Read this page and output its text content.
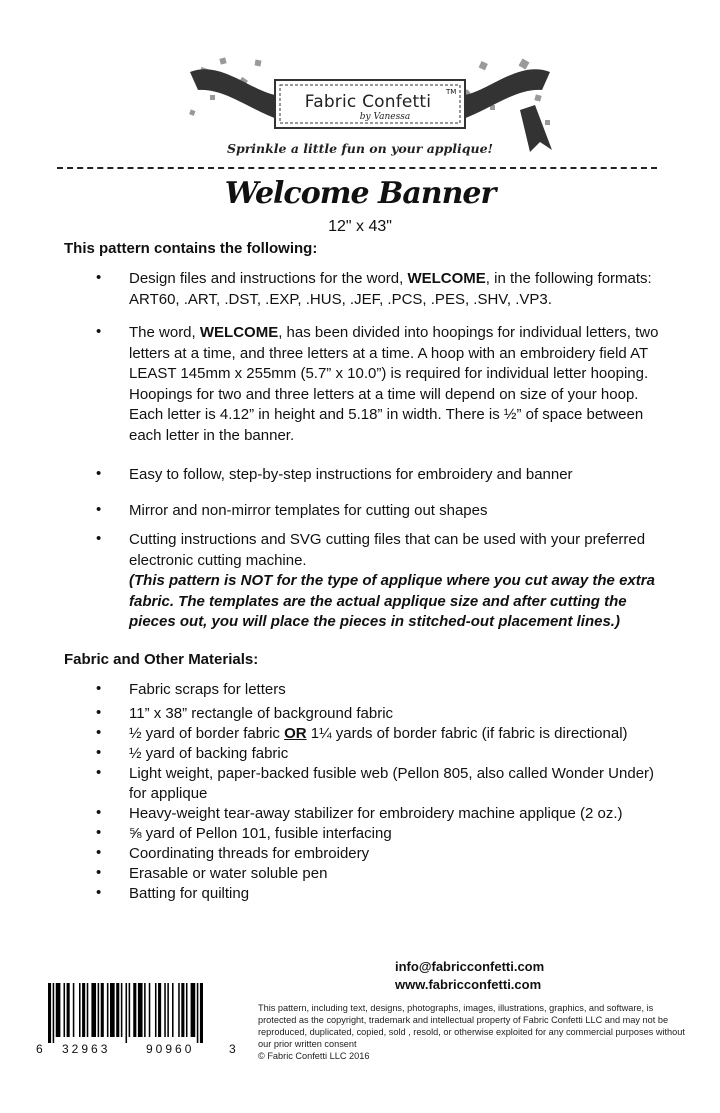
Fabric Confetti	TM
by Vanessa
Sprinkle a little fun on your applique!
Welcome Banner
12" x 43"
This pattern contains the following:
• Design files and instructions for the word, WELCOME, in the following formats: ART60, .ART, .DST, .EXP, .HUS, .JEF, .PCS, .PES, .SHV, .VP3.
• The word, WELCOME, has been divided into hoopings for individual letters, two letters at a time, and three letters at a time. A hoop with an embroidery field AT LEAST 145mm x 255mm (5.7” x 10.0”) is required for individual letter hooping. Hoopings for two and three letters at a time will depend on size of your hoop. Each letter is 4.12” in height and 5.18” in width. There is ½” of space between each letter in the banner.
• Easy to follow, step-by-step instructions for embroidery and banner
• Mirror and non-mirror templates for cutting out shapes
• Cutting instructions and SVG cutting files that can be used with your preferred electronic cutting machine.
(This pattern is NOT for the type of applique where you cut away the extra fabric. The templates are the actual applique size and after cutting the pieces out, you will place the pieces in stitched-out placement lines.)
Fabric and Other Materials:
• Fabric scraps for letters
• 11” x 38” rectangle of background fabric
• ½ yard of border fabric OR 1¼ yards of border fabric (if fabric is directional)
• ½ yard of backing fabric
• Light weight, paper-backed fusible web (Pellon 805, also called Wonder Under) for applique
• Heavy-weight tear-away stabilizer for embroidery machine applique (2 oz.)
• ⅝ yard of Pellon 101, fusible interfacing
• Coordinating threads for embroidery
• Erasable or water soluble pen
• Batting for quilting
info@fabricconfetti.com
www.fabricconfetti.com
6 32963	90960	3
This pattern, including text, designs, photographs, images, illustrations, graphics, and software, is protected as the copyright, trademark and intellectual property of Fabric Confetti LLC and may not be reproduced, duplicated, copied, sold , resold, or otherwise exploited for any commercial purposes without our prior written consent
© Fabric Confetti LLC 2016
